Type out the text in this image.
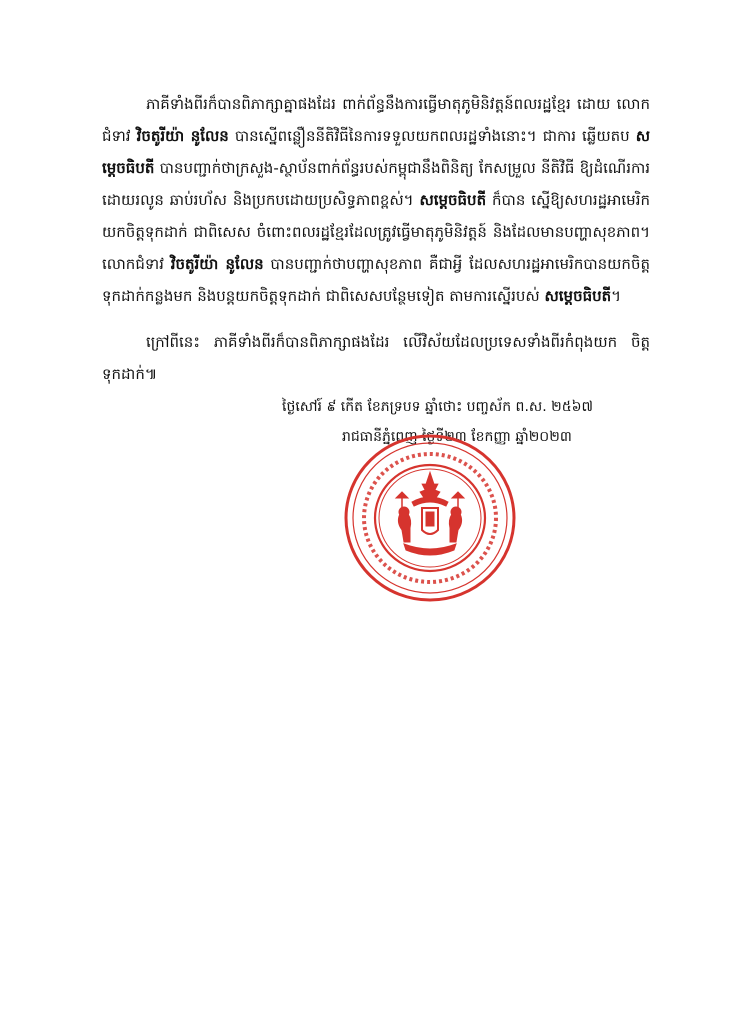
ភាគីទាំងពីរក៏បានពិភាក្សាគ្នាផងដែរ ពាក់ព័ន្ធនឹងការធ្វើមាតុភូមិនិវត្តន៍ពលរដ្ឋខ្មែរ ដោយ លោកជំទាវ វិចតូរីយ៉ា នូលែន បានស្នើពន្លឿននីតិវិធីនៃការទទួលយកពលរដ្ឋទាំងនោះ។ ជាការ ឆ្លើយតប សម្តេចធិបតី បានបញ្ជាក់ថាក្រសួង-ស្ថាប័នពាក់ព័ន្ធរបស់កម្ពុជានឹងពិនិត្យ កែសម្រួល នីតិវិធី ឱ្យដំណើរការដោយរលូន ឆាប់រហ័ស និងប្រកបដោយប្រសិទ្ធភាពខ្ពស់។ សម្តេចធិបតី ក៏បាន ស្នើឱ្យសហរដ្ឋអាមេរិកយកចិត្តទុកដាក់ ជាពិសេស ចំពោះពលរដ្ឋខ្មែរដែលត្រូវធ្វើមាតុភូមិនិវត្តន៍ និងដែលមានបញ្ហាសុខភាព។ លោកជំទាវ វិចតូរីយ៉ា នូលែន បានបញ្ជាក់ថាបញ្ហាសុខភាព គឺជាអ្វី ដែលសហរដ្ឋអាមេរិកបានយកចិត្តទុកដាក់កន្លងមក និងបន្តយកចិត្តទុកដាក់ ជាពិសេសបន្ថែមទៀត តាមការស្នើរបស់ សម្តេចធិបតី។

ក្រៅពីនេះ ភាគីទាំងពីរក៏បានពិភាក្សាផងដែរ លើវិស័យដែលប្រទេសទាំងពីរកំពុងយក ចិត្តទុកដាក់៕

ថ្ងៃសៅរ៍ ៩ កើត ខែភទ្របទ ឆ្នាំថោះ បញ្ចស័ក ព.ស. ២៥៦៧
រាជធានីភ្នំពេញ ថ្ងៃទី២៣ ខែកញ្ញា ឆ្នាំ២០២៣
